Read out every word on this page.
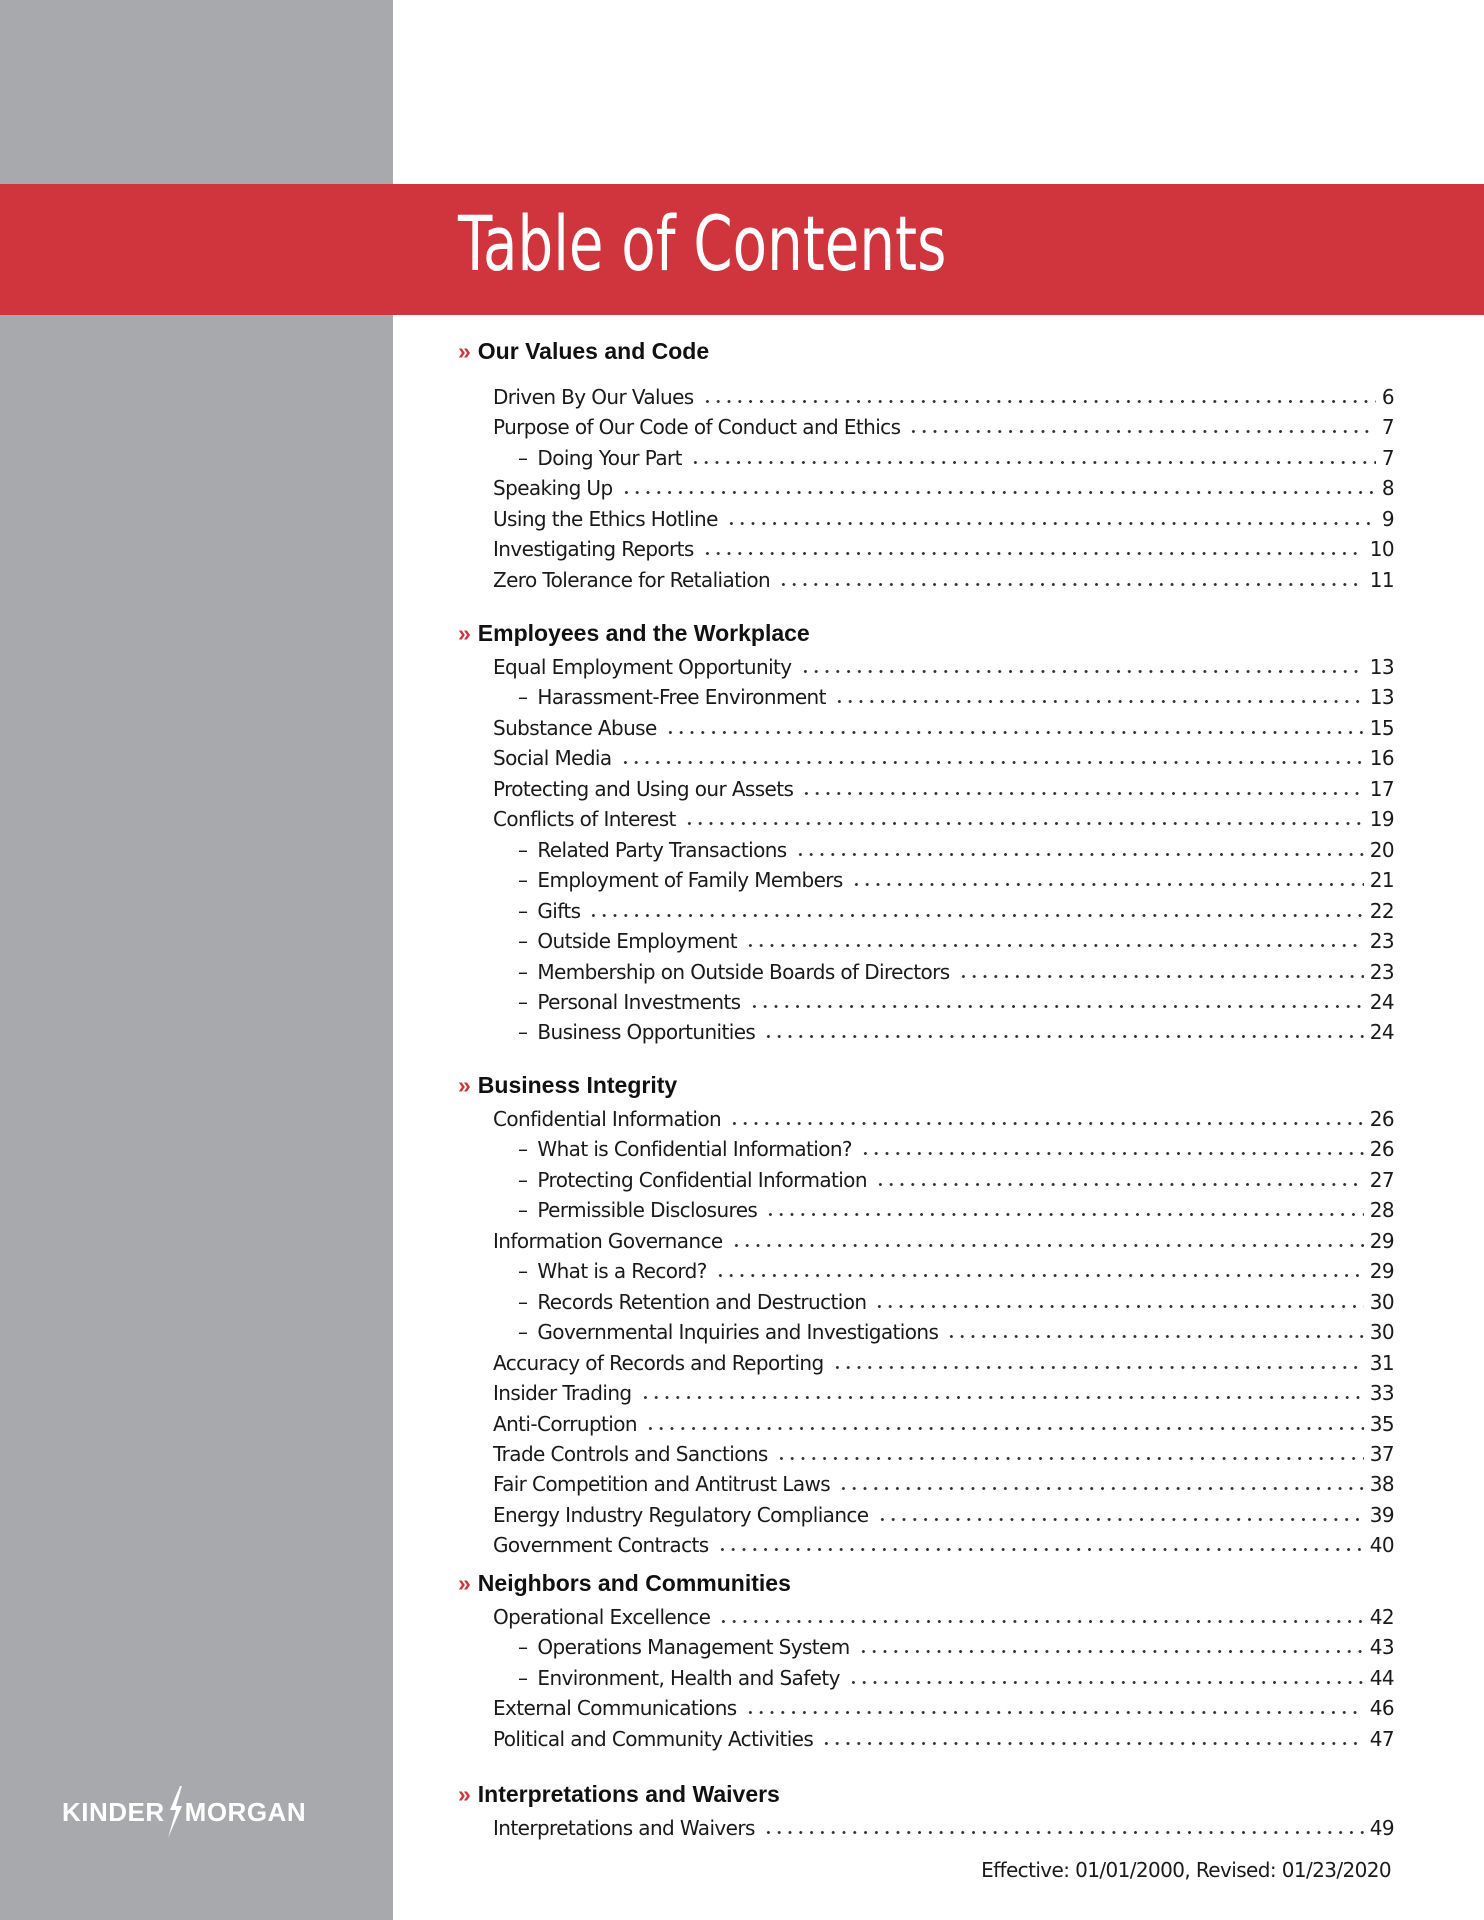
Table of Contents
KINDER MORGAN
» Our Values and Code
Driven By Our Values	6
Purpose of Our Code of Conduct and Ethics	7
– Doing Your Part	7
Speaking Up	8
Using the Ethics Hotline	9
Investigating Reports	10
Zero Tolerance for Retaliation	11
» Employees and the Workplace
Equal Employment Opportunity	13
– Harassment-Free Environment	13
Substance Abuse	15
Social Media	16
Protecting and Using our Assets	17
Conflicts of Interest	19
– Related Party Transactions	20
– Employment of Family Members	21
– Gifts	22
– Outside Employment	23
– Membership on Outside Boards of Directors	23
– Personal Investments	24
– Business Opportunities	24
» Business Integrity
Confidential Information	26
– What is Confidential Information?	26
– Protecting Confidential Information	27
– Permissible Disclosures	28
Information Governance	29
– What is a Record?	29
– Records Retention and Destruction	30
– Governmental Inquiries and Investigations	30
Accuracy of Records and Reporting	31
Insider Trading	33
Anti-Corruption	35
Trade Controls and Sanctions	37
Fair Competition and Antitrust Laws	38
Energy Industry Regulatory Compliance	39
Government Contracts	40
» Neighbors and Communities
Operational Excellence	42
– Operations Management System	43
– Environment, Health and Safety	44
External Communications	46
Political and Community Activities	47
» Interpretations and Waivers
Interpretations and Waivers	49

Effective: 01/01/2000, Revised: 01/23/2020
